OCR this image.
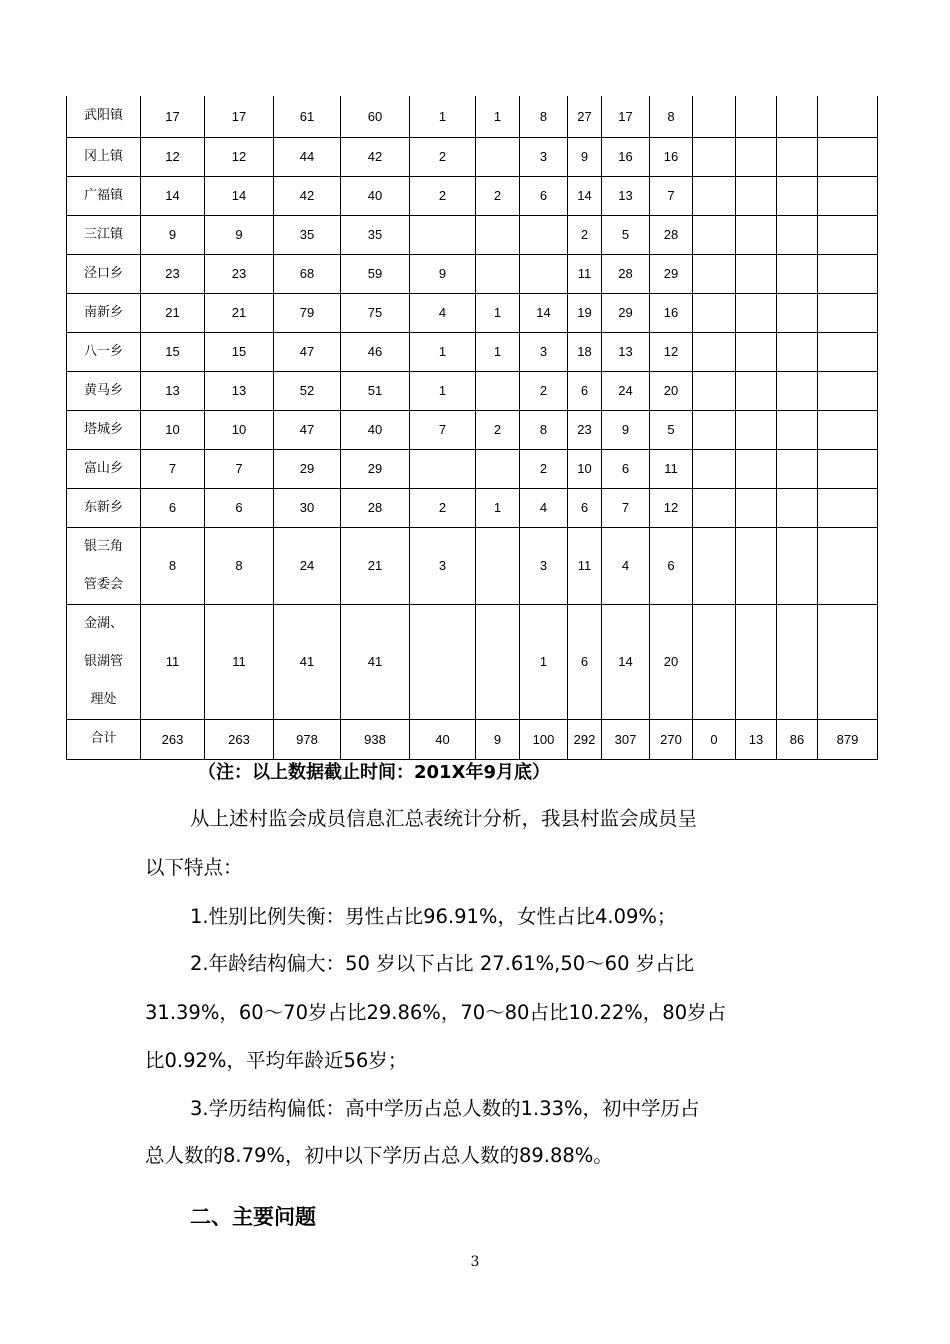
武阳镇	17	17	61	60	1	1	8	27	17	8				
冈上镇	12	12	44	42	2		3	9	16	16				
广福镇	14	14	42	40	2	2	6	14	13	7				
三江镇	9	9	35	35				2	5	28				
泾口乡	23	23	68	59	9			11	28	29				
南新乡	21	21	79	75	4	1	14	19	29	16				
八一乡	15	15	47	46	1	1	3	18	13	12				
黄马乡	13	13	52	51	1		2	6	24	20				
塔城乡	10	10	47	40	7	2	8	23	9	5				
富山乡	7	7	29	29			2	10	6	11				
东新乡	6	6	30	28	2	1	4	6	7	12				

银三角
管委会	8	8	24	21	3		3	11	4	6				

金湖、
银湖管
理处	11	11	41	41			1	6	14	20				
合计	263	263	978	938	40	9	100	292	307	270	0	13	86	879

（注：以上数据截止时间：201X年9月底）

从上述村监会成员信息汇总表统计分析，我县村监会成员呈

以下特点：

1.性别比例失衡：男性占比96.91%，女性占比4.09%；

2.年龄结构偏大：50 岁以下占比 27.61%,50～60 岁占比

31.39%，60～70岁占比29.86%，70～80占比10.22%，80岁占

比0.92%，平均年龄近56岁；

3.学历结构偏低：高中学历占总人数的1.33%，初中学历占

总人数的8.79%，初中以下学历占总人数的89.88%。

二、主要问题

3
